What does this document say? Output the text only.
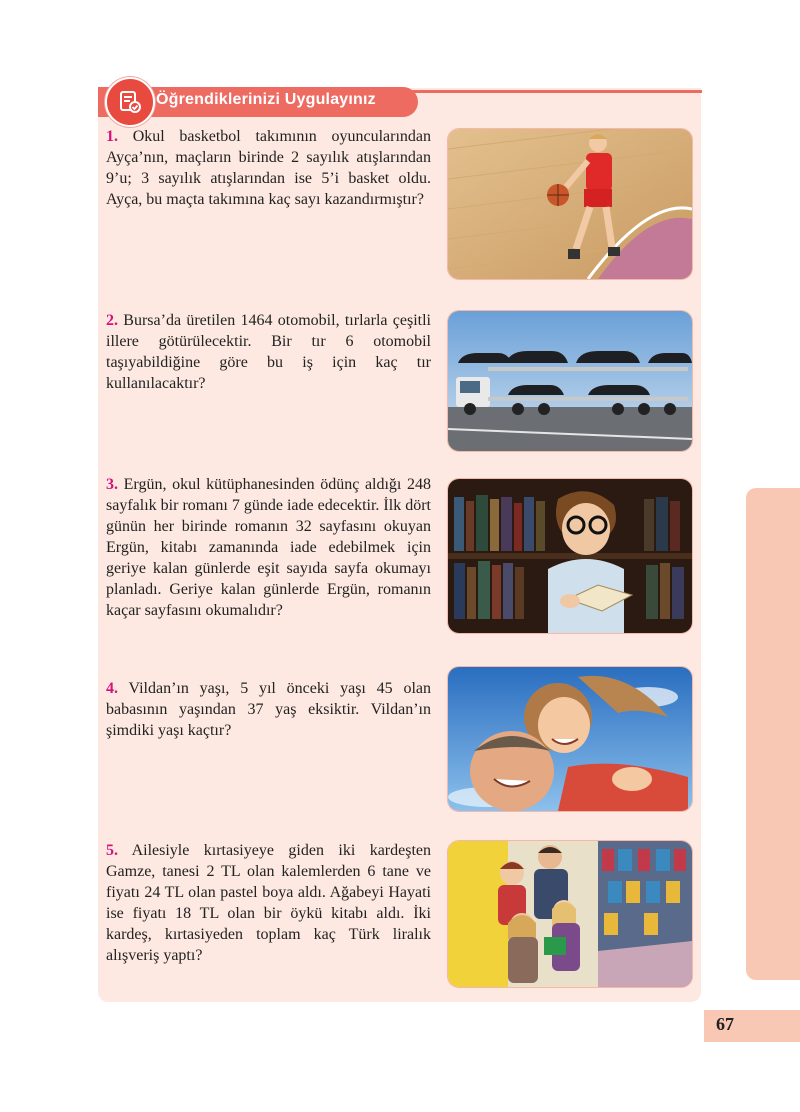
Öğrendiklerinizi Uygulayınız

1. Okul basketbol takımının oyuncularından Ayça’nın, maçların birinde 2 sayılık atışlarından 9’u; 3 sayılık atışlarından ise 5’i basket oldu. Ayça, bu maçta takımına kaç sayı kazandırmıştır?

2. Bursa’da üretilen 1464 otomobil, tırlarla çeşitli illere götürülecektir. Bir tır 6 otomobil taşıyabildiğine göre bu iş için kaç tır kullanılacaktır?

3. Ergün, okul kütüphanesinden ödünç aldığı 248 sayfalık bir romanı 7 günde iade edecektir. İlk dört günün her birinde romanın 32 sayfasını okuyan Ergün, kitabı zamanında iade edebilmek için geriye kalan günlerde eşit sayıda sayfa okumayı planladı. Geriye kalan günlerde Ergün, romanın kaçar sayfasını okumalıdır?

4. Vildan’ın yaşı, 5 yıl önceki yaşı 45 olan babasının yaşından 37 yaş eksiktir. Vildan’ın şimdiki yaşı kaçtır?

5. Ailesiyle kırtasiyeye giden iki kardeşten Gamze, tanesi 2 TL olan kalemlerden 6 tane ve fiyatı 24 TL olan pastel boya aldı. Ağabeyi Hayati ise fiyatı 18 TL olan bir öykü kitabı aldı. İki kardeş, kırtasiyeden toplam kaç Türk liralık alışveriş yaptı?

67
